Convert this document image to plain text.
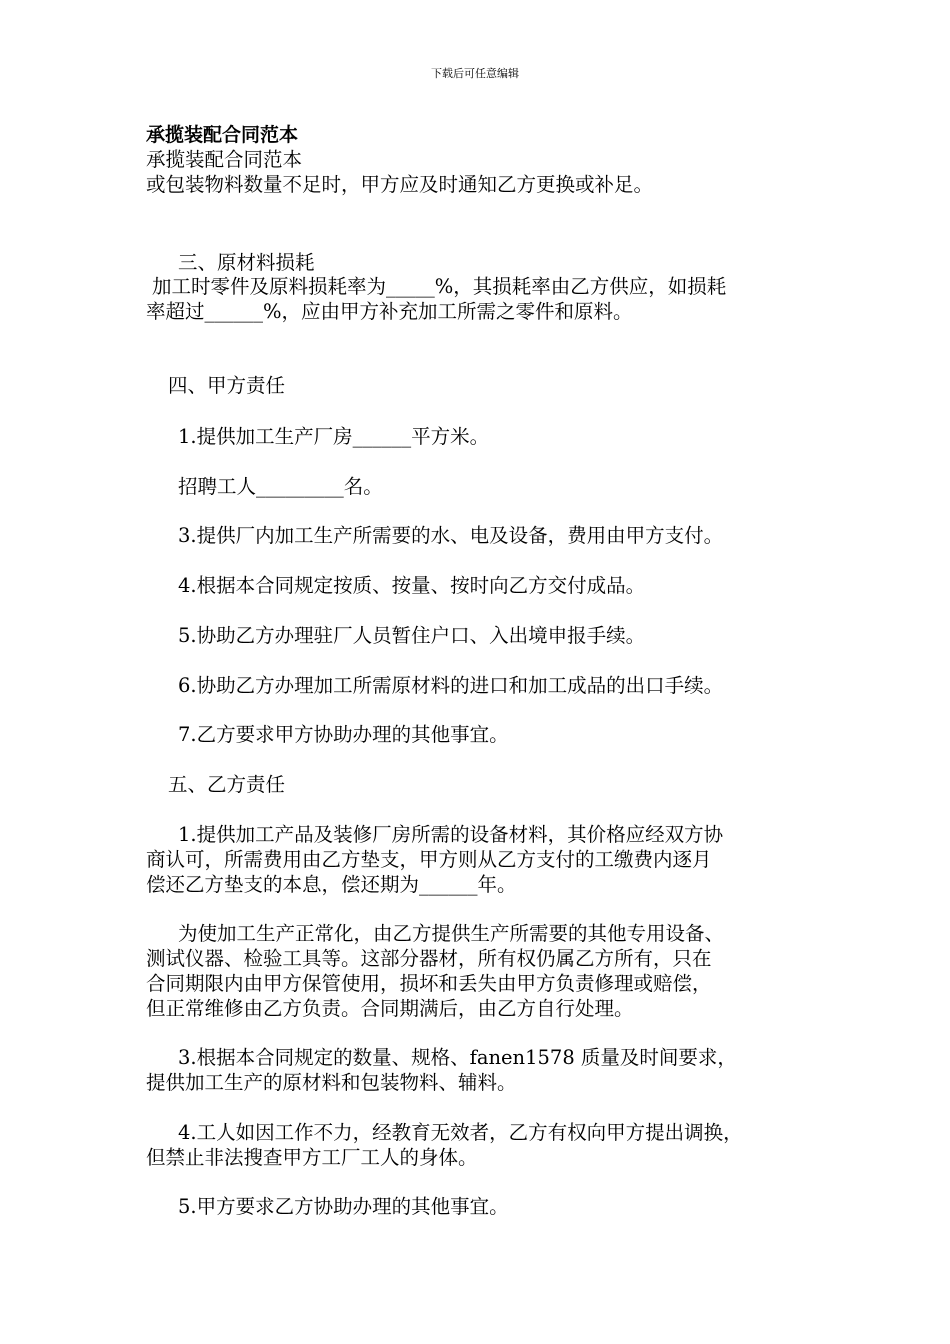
下载后可任意编辑
承揽装配合同范本
承揽装配合同范本
或包装物料数量不足时，甲方应及时通知乙方更换或补足。
三、原材料损耗
加工时零件及原料损耗率为_____%，其损耗率由乙方供应，如损耗
率超过______%，应由甲方补充加工所需之零件和原料。
四、甲方责任
1.提供加工生产厂房______平方米。
招聘工人_________名。
3.提供厂内加工生产所需要的水、电及设备，费用由甲方支付。
4.根据本合同规定按质、按量、按时向乙方交付成品。
5.协助乙方办理驻厂人员暂住户口、入出境申报手续。
6.协助乙方办理加工所需原材料的进口和加工成品的出口手续。
7.乙方要求甲方协助办理的其他事宜。
五、乙方责任
1.提供加工产品及装修厂房所需的设备材料，其价格应经双方协
商认可，所需费用由乙方垫支，甲方则从乙方支付的工缴费内逐月
偿还乙方垫支的本息，偿还期为______年。
为使加工生产正常化，由乙方提供生产所需要的其他专用设备、
测试仪器、检验工具等。这部分器材，所有权仍属乙方所有，只在
合同期限内由甲方保管使用，损坏和丢失由甲方负责修理或赔偿，
但正常维修由乙方负责。合同期满后，由乙方自行处理。
3.根据本合同规定的数量、规格、fanen1578 质量及时间要求，
提供加工生产的原材料和包装物料、辅料。
4.工人如因工作不力，经教育无效者，乙方有权向甲方提出调换，
但禁止非法搜查甲方工厂工人的身体。
5.甲方要求乙方协助办理的其他事宜。
